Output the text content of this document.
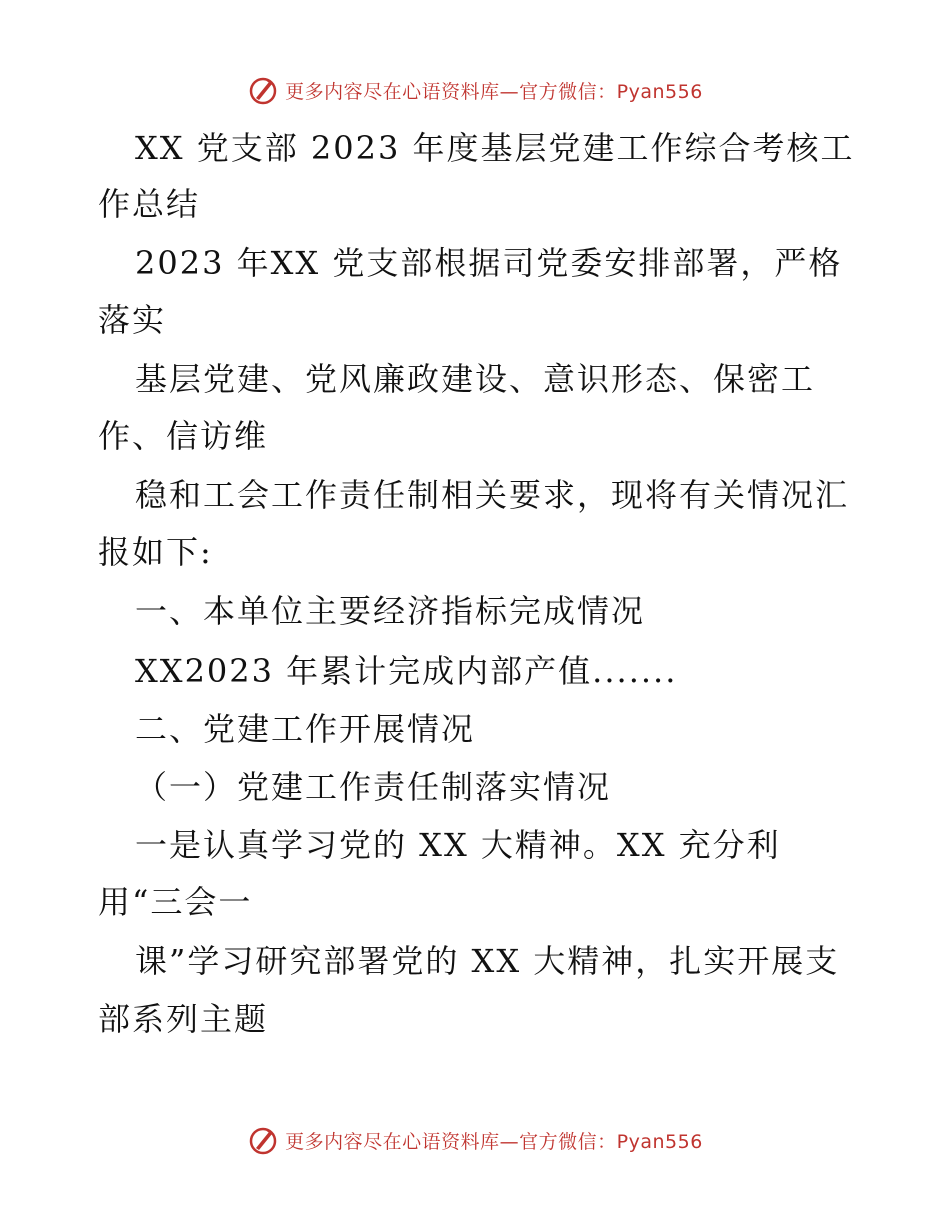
更多内容尽在心语资料库—官方微信：Pyan556
XX 党支部 2023 年度基层党建工作综合考核工
作总结
2023 年XX 党支部根据司党委安排部署，严格
落实
基层党建、党风廉政建设、意识形态、保密工
作、信访维
稳和工会工作责任制相关要求，现将有关情况汇
报如下:
一、本单位主要经济指标完成情况
XX2023 年累计完成内部产值.......
二、党建工作开展情况
（一）党建工作责任制落实情况
一是认真学习党的 XX 大精神。XX 充分利
用“三会一
课”学习研究部署党的 XX 大精神，扎实开展支
部系列主题
更多内容尽在心语资料库—官方微信：Pyan556
